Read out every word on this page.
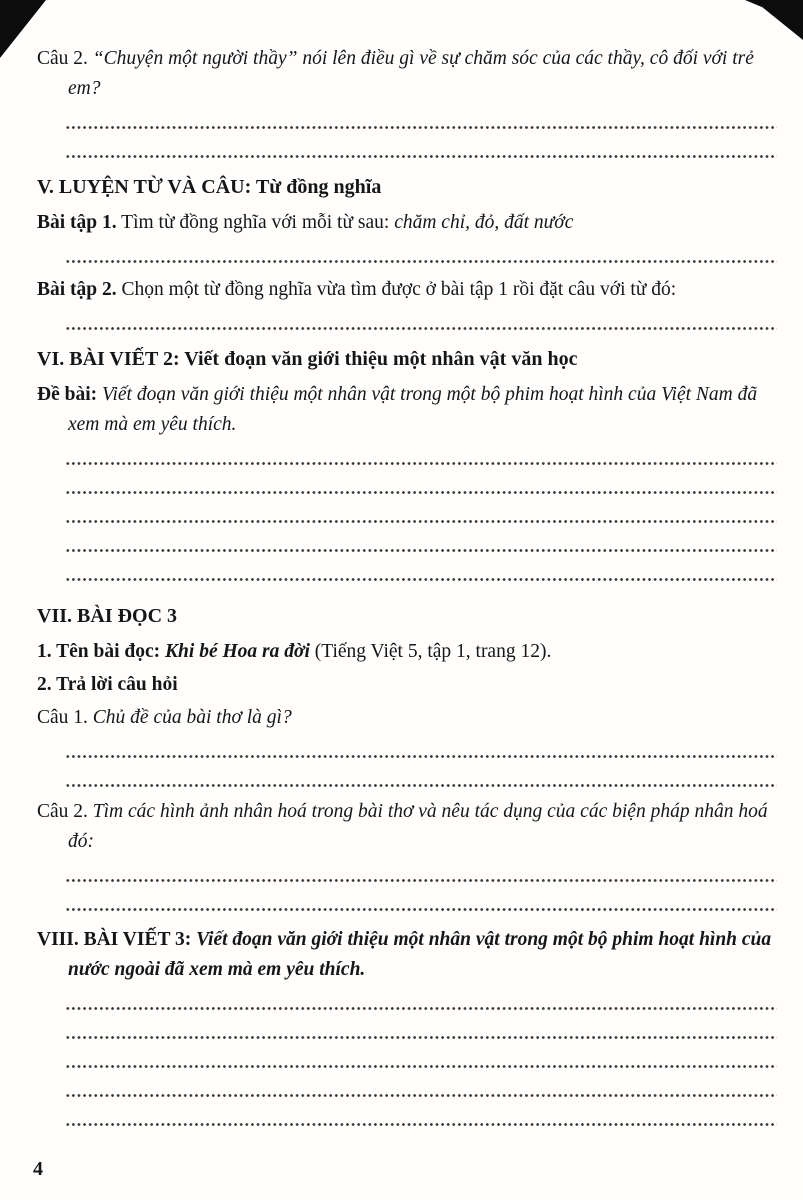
Câu 2. “Chuyện một người thầy” nói lên điều gì về sự chăm sóc của các thầy, cô đối với trẻ em?

V. LUYỆN TỪ VÀ CÂU: Từ đồng nghĩa

Bài tập 1. Tìm từ đồng nghĩa với mỗi từ sau: chăm chỉ, đỏ, đất nước

Bài tập 2. Chọn một từ đồng nghĩa vừa tìm được ở bài tập 1 rồi đặt câu với từ đó:

VI. BÀI VIẾT 2: Viết đoạn văn giới thiệu một nhân vật văn học

Đề bài: Viết đoạn văn giới thiệu một nhân vật trong một bộ phim hoạt hình của Việt Nam đã xem mà em yêu thích.

VII. BÀI ĐỌC 3

1. Tên bài đọc: Khi bé Hoa ra đời (Tiếng Việt 5, tập 1, trang 12).

2. Trả lời câu hỏi

Câu 1. Chủ đề của bài thơ là gì?

Câu 2. Tìm các hình ảnh nhân hoá trong bài thơ và nêu tác dụng của các biện pháp nhân hoá đó:

VIII. BÀI VIẾT 3: Viết đoạn văn giới thiệu một nhân vật trong một bộ phim hoạt hình của nước ngoài đã xem mà em yêu thích.

4
